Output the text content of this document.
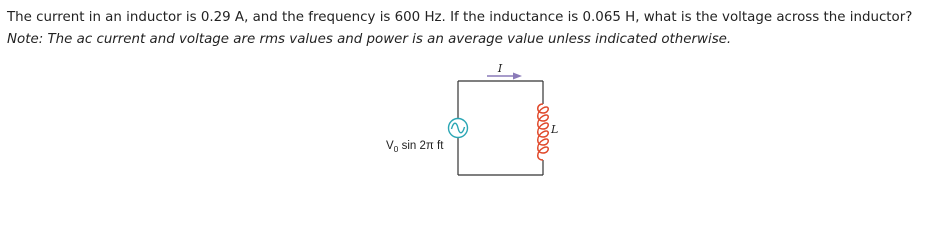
The current in an inductor is 0.29 A, and the frequency is 600 Hz. If the inductance is 0.065 H, what is the voltage across the inductor?
Note: The ac current and voltage are rms values and power is an average value unless indicated otherwise.
I
$V_0$ sin 2π ft
L
